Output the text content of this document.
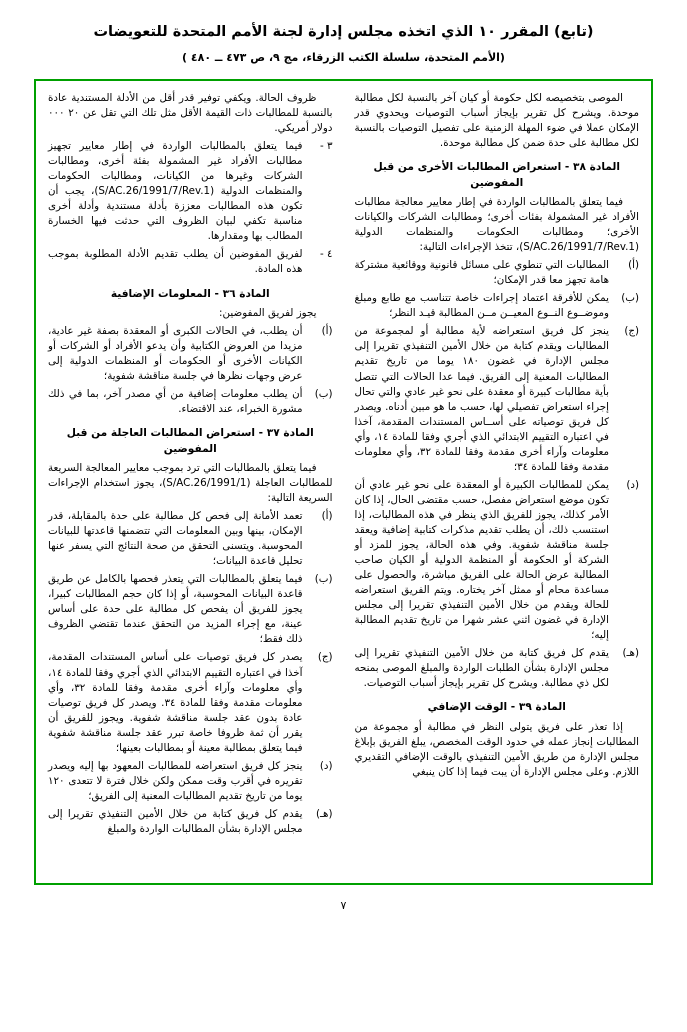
(تابع) المقرر ١٠ الذي اتخذه مجلس إدارة لجنة الأمم المتحدة للتعويضات
(الأمم المتحدة، سلسلة الكتب الزرقاء، مج ٩، ص ٤٧٣ ــ ٤٨٠ )

الموصى بتخصيصه لكل حكومة أو كيان آخر بالنسبة لكل مطالبة موحدة. ويشرح كل تقرير بإيجاز أسباب التوصيات ويحدوي قدر الإمكان عملا في ضوء المهلة الزمنية على تفصيل التوصيات بالنسبة لكل مطالبة على حدة ضمن كل مطالبة موحدة.

المادة ٣٨ - استعراض المطالبات الأخرى من قبل المفوضين

فيما يتعلق بالمطالبات الواردة في إطار معايير معالجة مطالبات الأفراد غير المشمولة بفئات أخرى؛ ومطالبات الشركات والكيانات الأخرى؛ ومطالبات الحكومات والمنظمات الدولية (S/AC.26/1991/7/Rev.1)، تتخذ الإجراءات التالية:

(أ)
المطالبات التي تنطوي على مسائل قانونية ووقائعية مشتركة هامة تجهز معا قدر الإمكان؛

(ب)
يمكن للأفرقة اعتماد إجراءات خاصة تتناسب مع طابع ومبلغ وموضــوع النــوع المعيــن مــن المطالبة قيـد النظر؛

(ج)
ينجز كل فريق استعراضه لأية مطالبة أو لمجموعة من المطالبات ويقدم كتابة من خلال الأمين التنفيذي تقريرا إلى مجلس الإدارة في غضون ١٨٠ يوما من تاريخ تقديم المطالبات المعنية إلى الفريق. فيما عدا الحالات التي تتصل بأية مطالبات كبيرة أو معقدة على نحو غير عادي والتي تحال إجراء استعراض تفصيلي لها، حسب ما هو مبين أدناه. ويصدر كل فريق توصياته على أســاس المستندات المقدمة، آخذا في اعتباره التقييم الابتدائي الذي أجري وفقا للمادة ١٤، وأي معلومات وآراء أخرى مقدمة وفقا للمادة ٣٢، وأي معلومات مقدمة وفقا للمادة ٣٤؛

(د)
يمكن للمطالبات الكبيرة أو المعقدة على نحو غير عادي أن تكون موضع استعراض مفصل، حسب مقتضى الحال، إذا كان الأمر كذلك، يجوز للفريق الذي ينظر في هذه المطالبات، إذا استنسب ذلك، أن يطلب تقديم مذكرات كتابية إضافية ويعقد جلسة مناقشة شفوية. وفي هذه الحالة، يجوز للمزد أو الشركة أو الحكومة أو المنظمة الدولية أو الكيان صاحب المطالبة عرض الحالة على الفريق مباشرة، والحصول على مساعدة محام أو ممثل آخر يختاره. ويتم الفريق استعراضه للحالة ويقدم من خلال الأمين التنفيذي تقريرا إلى مجلس الإدارة في غضون اثني عشر شهرا من تاريخ تقديم المطالبة إليه؛

(هـ)
يقدم كل فريق كتابة من خلال الأمين التنفيذي تقريرا إلى مجلس الإدارة بشأن الطلبات الواردة والمبلغ الموصى بمنحه لكل ذي مطالبة. ويشرح كل تقرير بإيجاز أسباب التوصيات.

المادة ٣٩ - الوقت الإضافي

إذا تعذر على فريق يتولى النظر في مطالبة أو مجموعة من المطالبات إنجاز عمله في حدود الوقت المخصص، يبلغ الفريق بإبلاغ مجلس الإدارة من طريق الأمين التنفيذي بالوقت الإضافي التقديري اللازم. وعلى مجلس الإدارة أن يبت فيما إذا كان ينبغي

ظروف الحالة. ويكفي توفير قدر أقل من الأدلة المستندية عادة بالنسبة للمطالبات ذات القيمة الأقل مثل تلك التي تقل عن ٢٠ ٠٠٠ دولار أمريكي.

٣ -
فيما يتعلق بالمطالبات الواردة في إطار معايير تجهيز مطالبات الأفراد غير المشمولة بفئة أخرى، ومطالبات الشركات وغيرها من الكيانات، ومطالبات الحكومات والمنظمات الدولية (S/AC.26/1991/7/Rev.1)، يجب أن تكون هذه المطالبات معززة بأدلة مستندية وأدلة أخرى مناسبة تكفي لبيان الظروف التي حدثت فيها الخسارة المطالب بها ومقدارها.

٤ -
لفريق المفوضين أن يطلب تقديم الأدلة المطلوبة بموجب هذه المادة.

المادة ٣٦ - المعلومات الإضافية

يجوز لفريق المفوضين:

(أ)
أن يطلب، في الحالات الكبرى أو المعقدة بصفة غير عادية، مزيدا من العروض الكتابية وأن يدعو الأفراد أو الشركات أو الكيانات الأخرى أو الحكومات أو المنظمات الدولية إلى عرض وجهات نظرها في جلسة مناقشة شفوية؛

(ب)
أن يطلب معلومات إضافية من أي مصدر آخر، بما في ذلك مشورة الخبراء، عند الاقتضاء.

المادة ٣٧ - استعراض المطالبات العاجلة من قبل المفوضين

فيما يتعلق بالمطالبات التي ترد بموجب معايير المعالجة السريعة للمطالبات العاجلة (S/AC.26/1991/1)، يجوز استخدام الإجراءات السريعة التالية:

(أ)
تعمد الأمانة إلى فحص كل مطالبة على حدة بالمقابلة، قدر الإمكان، بينها وبين المعلومات التي تتضمنها قاعدتها للبيانات المحوسبة. ويتسنى التحقق من صحة النتائج التي يسفر عنها تحليل قاعدة البيانات؛

(ب)
فيما يتعلق بالمطالبات التي يتعذر فحصها بالكامل عن طريق قاعدة البيانات المحوسبة، أو إذا كان حجم المطالبات كبيرا، يجوز للفريق أن يفحص كل مطالبة على حدة على أساس عينة، مع إجراء المزيد من التحقق عندما تقتضي الظروف ذلك فقط؛

(ج)
يصدر كل فريق توصيات على أساس المستندات المقدمة، آخذا في اعتباره التقييم الابتدائي الذي أجري وفقا للمادة ١٤، وأي معلومات وآراء أخرى مقدمة وفقا للمادة ٣٢، وأي معلومات مقدمة وفقا للمادة ٣٤. ويصدر كل فريق توصيات عادة بدون عقد جلسة مناقشة شفوية. ويجوز للفريق أن يقرر أن ثمة ظروفا خاصة تبرر عقد جلسة مناقشة شفوية فيما يتعلق بمطالبة معينة أو بمطالبات بعينها؛

(د)
ينجز كل فريق استعراضه للمطالبات المعهود بها إليه ويصدر تقريره في أقرب وقت ممكن ولكن خلال فترة لا تتعدى ١٢٠ يوما من تاريخ تقديم المطالبات المعنية إلى الفريق؛

(هـ)
يقدم كل فريق كتابة من خلال الأمين التنفيذي تقريرا إلى مجلس الإدارة بشأن المطالبات الواردة والمبلغ

٧
